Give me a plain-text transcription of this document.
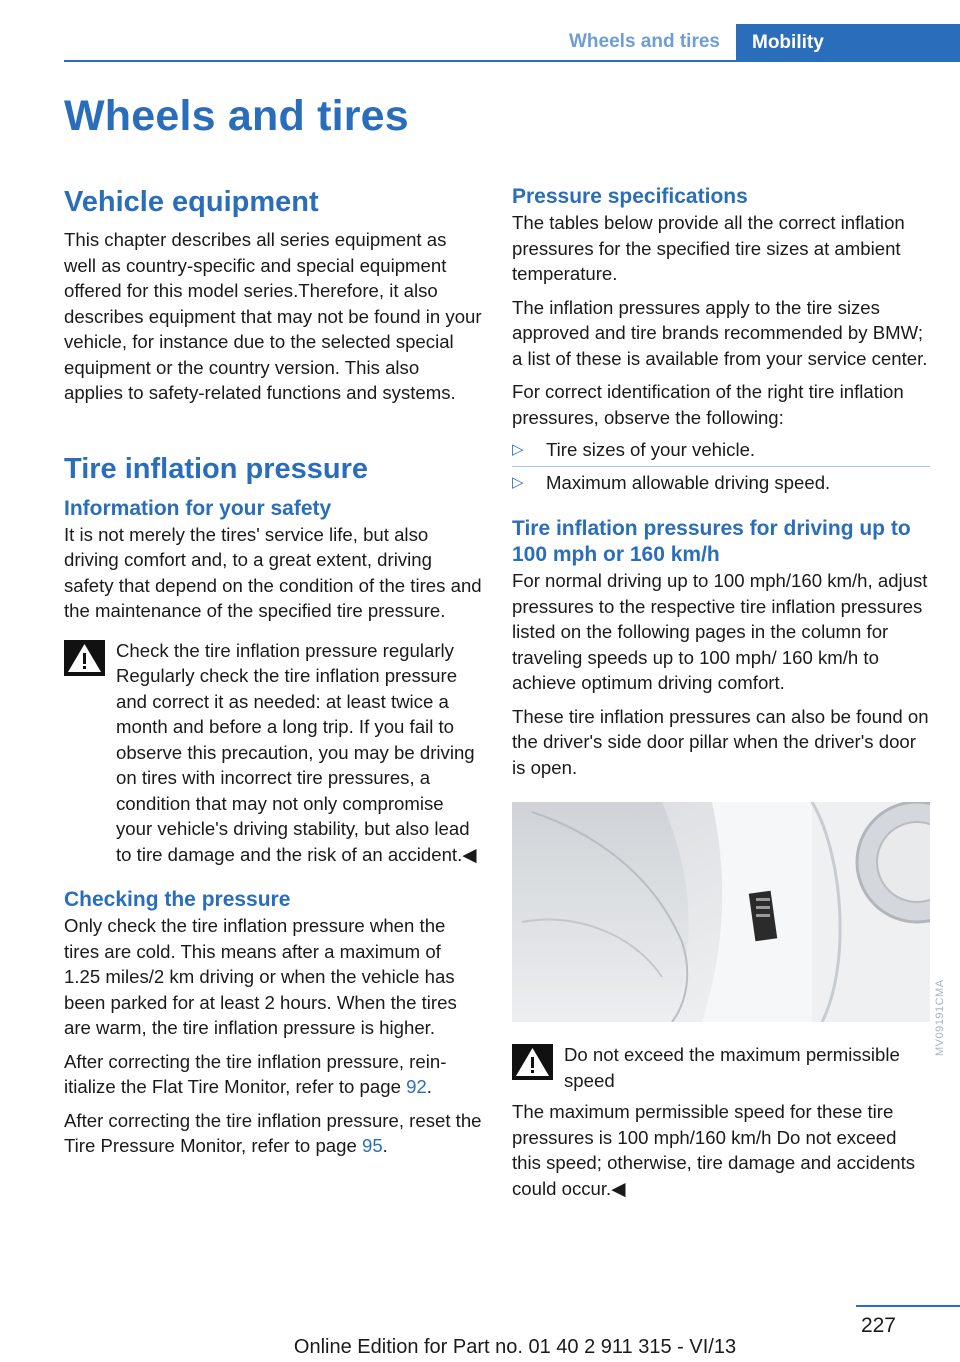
Wheels and tires	Mobility
Wheels and tires
Vehicle equipment

This chapter describes all series equipment as well as country-specific and special equipment offered for this model series.Therefore, it also describes equipment that may not be found in your vehicle, for instance due to the selected special equipment or the country version. This also applies to safety-related functions and systems.

Tire inflation pressure
Information for your safety

It is not merely the tires' service life, but also driving comfort and, to a great extent, driving safety that depend on the condition of the tires and the maintenance of the specified tire pressure.

Check the tire inflation pressure regularly

Regularly check the tire inflation pressure and correct it as needed: at least twice a month and before a long trip. If you fail to observe this precaution, you may be driving on tires with incorrect tire pressures, a condition that may not only compromise your vehicle's driving stability, but also lead to tire damage and the risk of an accident.◀

Checking the pressure

Only check the tire inflation pressure when the tires are cold. This means after a maximum of 1.25 miles/2 km driving or when the vehicle has been parked for at least 2 hours. When the tires are warm, the tire inflation pressure is higher.

After correcting the tire inflation pressure, reinitialize the Flat Tire Monitor, refer to page 92.

After correcting the tire inflation pressure, reset the Tire Pressure Monitor, refer to page 95.

Pressure specifications

The tables below provide all the correct inflation pressures for the specified tire sizes at ambient temperature.

The inflation pressures apply to the tire sizes approved and tire brands recommended by BMW; a list of these is available from your service center.

For correct identification of the right tire inflation pressures, observe the following:

▷ Tire sizes of your vehicle.
▷ Maximum allowable driving speed.
Tire inflation pressures for driving up to 100 mph or 160 km/h

For normal driving up to 100 mph/160 km/h, adjust pressures to the respective tire inflation pressures listed on the following pages in the column for traveling speeds up to 100 mph/ 160 km/h to achieve optimum driving comfort.

These tire inflation pressures can also be found on the driver's side door pillar when the driver's door is open.

Do not exceed the maximum permissible speed

The maximum permissible speed for these tire pressures is 100 mph/160 km/h Do not exceed this speed; otherwise, tire damage and accidents could occur.◀

MV09191CMA
227
Online Edition for Part no. 01 40 2 911 315 - VI/13
